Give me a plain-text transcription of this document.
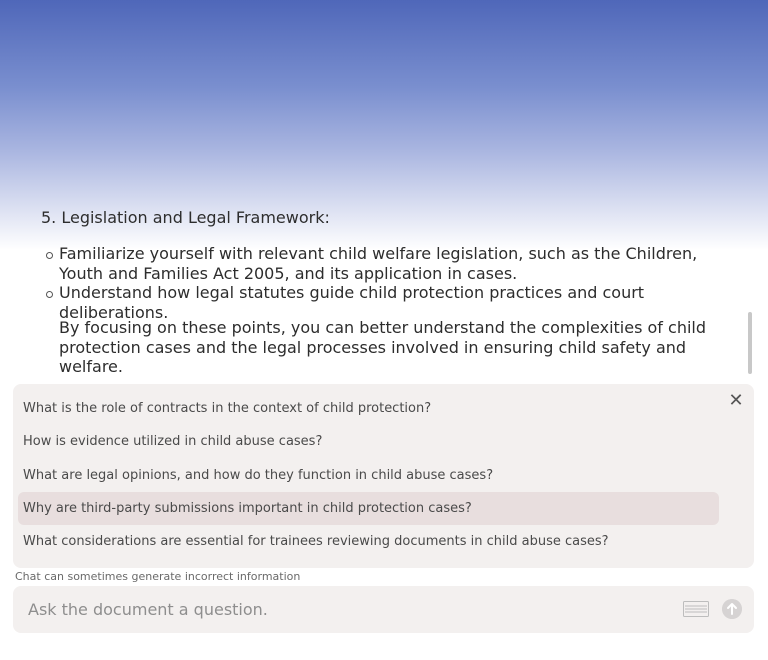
5. Legislation and Legal Framework:
Familiarize yourself with relevant child welfare legislation, such as the Children, Youth and Families Act 2005, and its application in cases.
Understand how legal statutes guide child protection practices and court deliberations.
By focusing on these points, you can better understand the complexities of child protection cases and the legal processes involved in ensuring child safety and welfare.
What is the role of contracts in the context of child protection?
How is evidence utilized in child abuse cases?
What are legal opinions, and how do they function in child abuse cases?
Why are third-party submissions important in child protection cases?
What considerations are essential for trainees reviewing documents in child abuse cases?
✕
Chat can sometimes generate incorrect information
Ask the document a question.
